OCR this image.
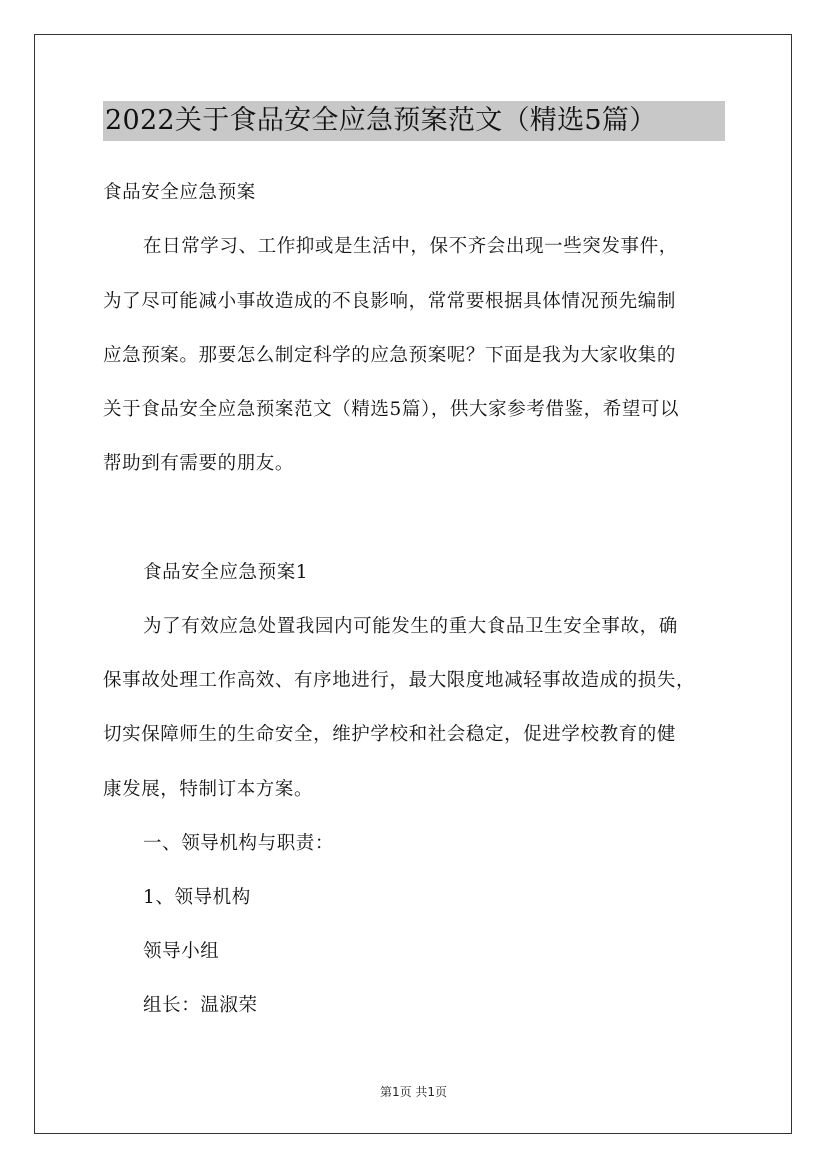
2022关于食品安全应急预案范文（精选5篇）
食品安全应急预案
在日常学习、工作抑或是生活中，保不齐会出现一些突发事件，
为了尽可能减小事故造成的不良影响，常常要根据具体情况预先编制
应急预案。那要怎么制定科学的应急预案呢？下面是我为大家收集的
关于食品安全应急预案范文（精选5篇），供大家参考借鉴，希望可以
帮助到有需要的朋友。
食品安全应急预案1
为了有效应急处置我园内可能发生的重大食品卫生安全事故，确
保事故处理工作高效、有序地进行，最大限度地减轻事故造成的损失，
切实保障师生的生命安全，维护学校和社会稳定，促进学校教育的健
康发展，特制订本方案。
一、领导机构与职责：
1、领导机构
领导小组
组长：温淑荣
第1页 共1页
